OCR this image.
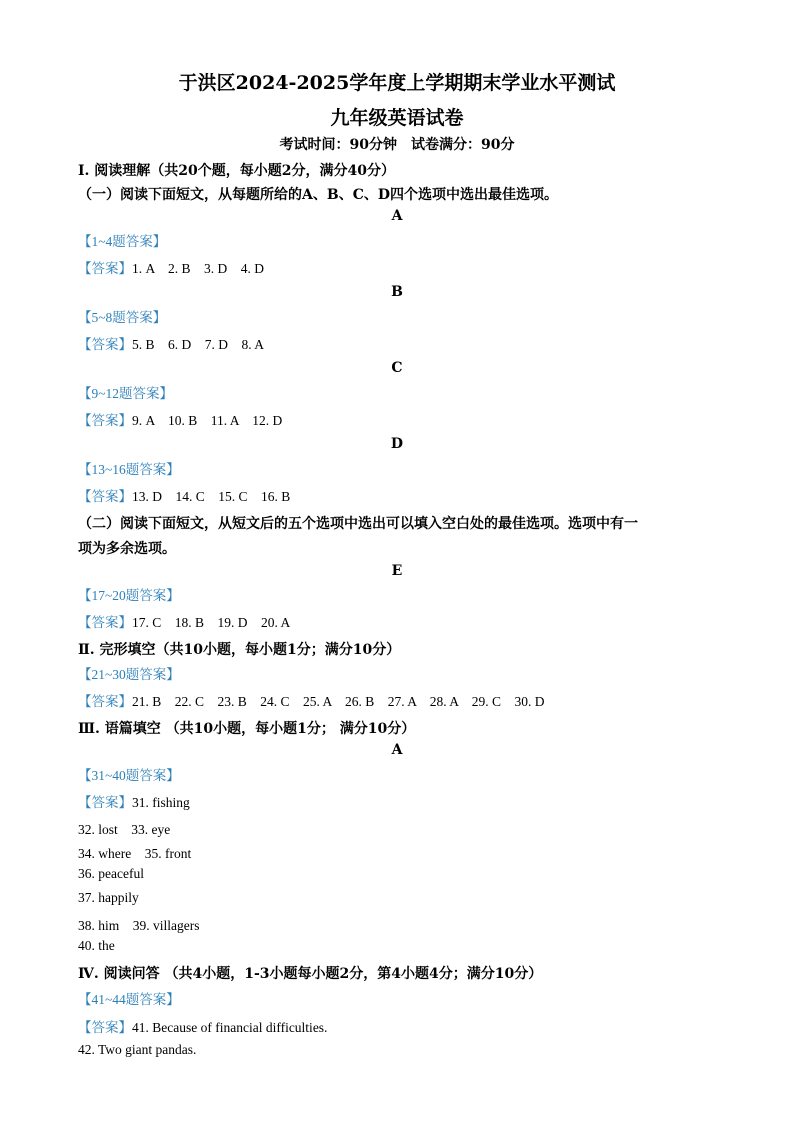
于洪区2024-2025学年度上学期期末学业水平测试
九年级英语试卷
考试时间：90分钟　试卷满分：90分
Ⅰ. 阅读理解（共20个题，每小题2分，满分40分）
（一）阅读下面短文，从每题所给的A、B、C、D四个选项中选出最佳选项。
A
【1~4题答案】
【答案】1. A　2. B　3. D　4. D
B
【5~8题答案】
【答案】5. B　6. D　7. D　8. A
C
【9~12题答案】
【答案】9. A　10. B　11. A　12. D
D
【13~16题答案】
【答案】13. D　14. C　15. C　16. B
（二）阅读下面短文，从短文后的五个选项中选出可以填入空白处的最佳选项。选项中有一
项为多余选项。
E
【17~20题答案】
【答案】17. C　18. B　19. D　20. A
Ⅱ. 完形填空（共10小题，每小题1分；满分10分）
【21~30题答案】
【答案】21. B　22. C　23. B　24. C　25. A　26. B　27. A　28. A　29. C　30. D
Ⅲ. 语篇填空 （共10小题，每小题1分； 满分10分）
A
【31~40题答案】
【答案】31. fishing
32. lost　33. eye
34. where　35. front
36. peaceful
37. happily
38. him　39. villagers
40. the
Ⅳ. 阅读问答 （共4小题，1-3小题每小题2分，第4小题4分；满分10分）
【41~44题答案】
【答案】41. Because of financial difficulties.
42. Two giant pandas.
